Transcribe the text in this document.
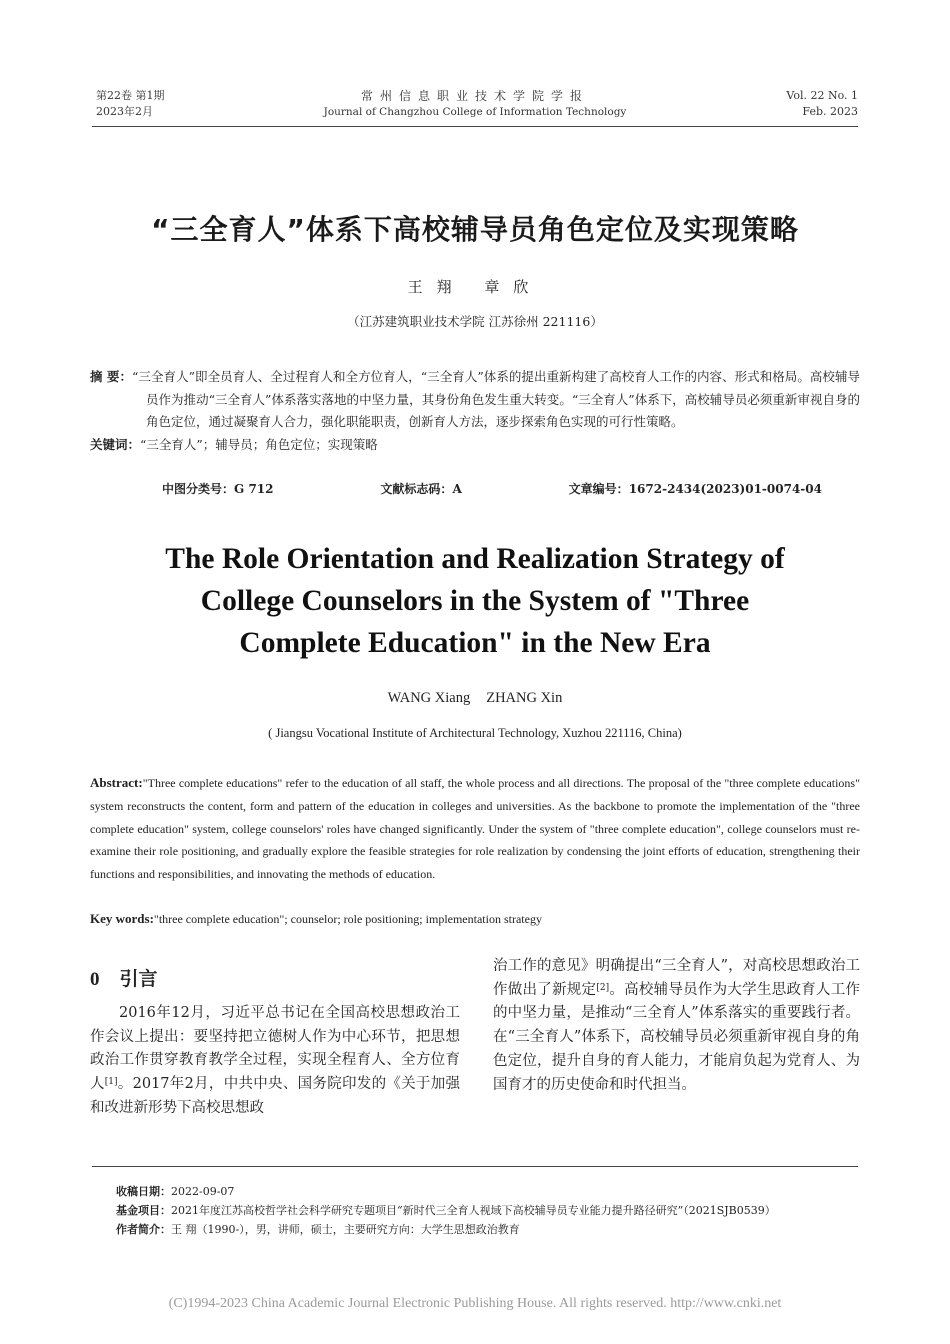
第22卷 第1期
2023年2月
常州信息职业技术学院学报
Journal of Changzhou College of Information Technology
Vol. 22 No. 1
Feb. 2023
“三全育人”体系下高校辅导员角色定位及实现策略
王翔 章欣
（江苏建筑职业技术学院 江苏徐州 221116）
摘 要：“三全育人”即全员育人、全过程育人和全方位育人，“三全育人”体系的提出重新构建了高校育人工作的内容、形式和格局。高校辅导员作为推动“三全育人”体系落实落地的中坚力量，其身份角色发生重大转变。“三全育人”体系下，高校辅导员必须重新审视自身的角色定位，通过凝聚育人合力，强化职能职责，创新育人方法，逐步探索角色实现的可行性策略。
关键词：“三全育人”；辅导员；角色定位；实现策略
中图分类号：G 712	文献标志码：A	文章编号：1672-2434(2023)01-0074-04
The Role Orientation and Realization Strategy of
College Counselors in the System of "Three
Complete Education" in the New Era
WANG Xiang ZHANG Xin
( Jiangsu Vocational Institute of Architectural Technology, Xuzhou 221116, China)
Abstract:"Three complete educations" refer to the education of all staff, the whole process and all directions. The proposal of the "three complete educations" system reconstructs the content, form and pattern of the education in colleges and universities. As the backbone to promote the implementation of the "three complete education" system, college counselors' roles have changed significantly. Under the system of "three complete education", college counselors must re-examine their role positioning, and gradually explore the feasible strategies for role realization by condensing the joint efforts of education, strengthening their functions and responsibilities, and innovating the methods of education.
Key words:"three complete education"; counselor; role positioning; implementation strategy
0 引言
2016年12月，习近平总书记在全国高校思想政治工作会议上提出：要坚持把立德树人作为中心环节，把思想政治工作贯穿教育教学全过程，实现全程育人、全方位育人[1]。2017年2月，中共中央、国务院印发的《关于加强和改进新形势下高校思想政
治工作的意见》明确提出“三全育人”，对高校思想政治工作做出了新规定[2]。高校辅导员作为大学生思政育人工作的中坚力量，是推动“三全育人”体系落实的重要践行者。在“三全育人”体系下，高校辅导员必须重新审视自身的角色定位，提升自身的育人能力，才能肩负起为党育人、为国育才的历史使命和时代担当。
收稿日期：2022-09-07
基金项目：2021年度江苏高校哲学社会科学研究专题项目“新时代三全育人视域下高校辅导员专业能力提升路径研究”（2021SJB0539）
作者简介：王 翔（1990-），男，讲师，硕士，主要研究方向：大学生思想政治教育
(C)1994-2023 China Academic Journal Electronic Publishing House. All rights reserved. http://www.cnki.net
